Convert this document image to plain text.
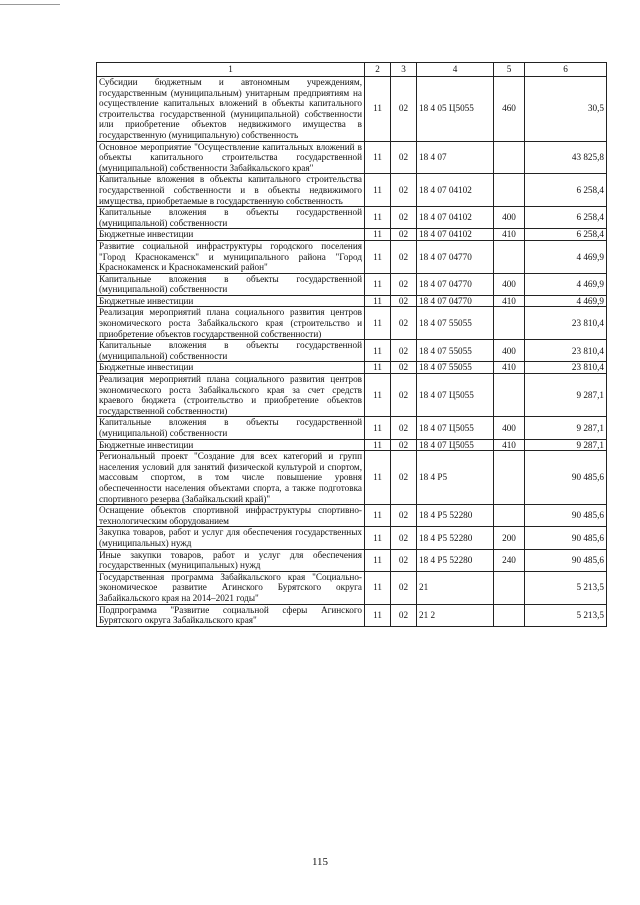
1	2	3	4	5	6
Субсидии бюджетным и автономным учреждениям, государственным (муниципальным) унитарным предприятиям на осуществление капитальных вложений в объекты капитального строительства государственной (муниципальной) собственности или приобретение объектов недвижимого имущества в государственную (муниципальную) собственность	11	02	18 4 05 Ц5055	460	30,5
Основное мероприятие "Осуществление капитальных вложений в объекты капитального строительства государственной (муниципальной) собственности Забайкальского края"	11	02	18 4 07		43 825,8
Капитальные вложения в объекты капитального строительства государственной собственности и в объекты недвижимого имущества, приобретаемые в государственную собственность	11	02	18 4 07 04102		6 258,4
Капитальные вложения в объекты государственной (муниципальной) собственности	11	02	18 4 07 04102	400	6 258,4
Бюджетные инвестиции	11	02	18 4 07 04102	410	6 258,4
Развитие социальной инфраструктуры городского поселения "Город Краснокаменск" и муниципального района "Город Краснокаменск и Краснокаменский район"	11	02	18 4 07 04770		4 469,9
Капитальные вложения в объекты государственной (муниципальной) собственности	11	02	18 4 07 04770	400	4 469,9
Бюджетные инвестиции	11	02	18 4 07 04770	410	4 469,9
Реализация мероприятий плана социального развития центров экономического роста Забайкальского края (строительство и приобретение объектов государственной собственности)	11	02	18 4 07 55055		23 810,4
Капитальные вложения в объекты государственной (муниципальной) собственности	11	02	18 4 07 55055	400	23 810,4
Бюджетные инвестиции	11	02	18 4 07 55055	410	23 810,4
Реализация мероприятий плана социального развития центров экономического роста Забайкальского края за счет средств краевого бюджета (строительство и приобретение объектов государственной собственности)	11	02	18 4 07 Ц5055		9 287,1
Капитальные вложения в объекты государственной (муниципальной) собственности	11	02	18 4 07 Ц5055	400	9 287,1
Бюджетные инвестиции	11	02	18 4 07 Ц5055	410	9 287,1
Региональный проект "Создание для всех категорий и групп населения условий для занятий физической культурой и спортом, массовым спортом, в том числе повышение уровня обеспеченности населения объектами спорта, а также подготовка спортивного резерва (Забайкальский край)"	11	02	18 4 P5		90 485,6
Оснащение объектов спортивной инфраструктуры спортивно-технологическим оборудованием	11	02	18 4 P5 52280		90 485,6
Закупка товаров, работ и услуг для обеспечения государственных (муниципальных) нужд	11	02	18 4 P5 52280	200	90 485,6
Иные закупки товаров, работ и услуг для обеспечения государственных (муниципальных) нужд	11	02	18 4 P5 52280	240	90 485,6
Государственная программа Забайкальского края "Социально-экономическое развитие Агинского Бурятского округа Забайкальского края на 2014–2021 годы"	11	02	21		5 213,5
Подпрограмма "Развитие социальной сферы Агинского Бурятского округа Забайкальского края"	11	02	21 2		5 213,5
115
